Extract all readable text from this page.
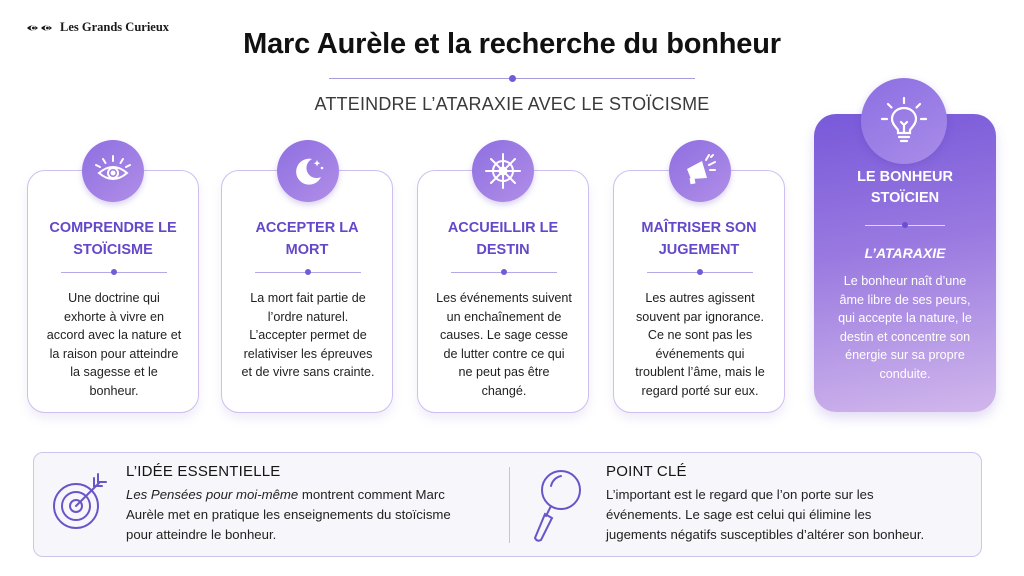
Les Grands Curieux
Marc Aurèle et la recherche du bonheur
ATTEINDRE L’ATARAXIE AVEC LE STOÏCISME
COMPRENDRE LE
STOÏCISME
Une doctrine qui
exhorte à vivre en
accord avec la nature et
la raison pour atteindre
la sagesse et le
bonheur.
ACCEPTER LA
MORT
La mort fait partie de
l’ordre naturel.
L’accepter permet de
relativiser les épreuves
et de vivre sans crainte.
ACCUEILLIR LE
DESTIN
Les événements suivent
un enchaînement de
causes. Le sage cesse
de lutter contre ce qui
ne peut pas être
changé.
MAÎTRISER SON
JUGEMENT
Les autres agissent
souvent par ignorance.
Ce ne sont pas les
événements qui
troublent l’âme, mais le
regard porté sur eux.
LE BONHEUR
STOÏCIEN
L’ATARAXIE
Le bonheur naît d’une
âme libre de ses peurs,
qui accepte la nature, le
destin et concentre son
énergie sur sa propre
conduite.
L’IDÉE ESSENTIELLE
Les Pensées pour moi-même montrent comment Marc
Aurèle met en pratique les enseignements du stoïcisme
pour atteindre le bonheur.
POINT CLÉ
L’important est le regard que l’on porte sur les
événements. Le sage est celui qui élimine les
jugements négatifs susceptibles d’altérer son bonheur.
